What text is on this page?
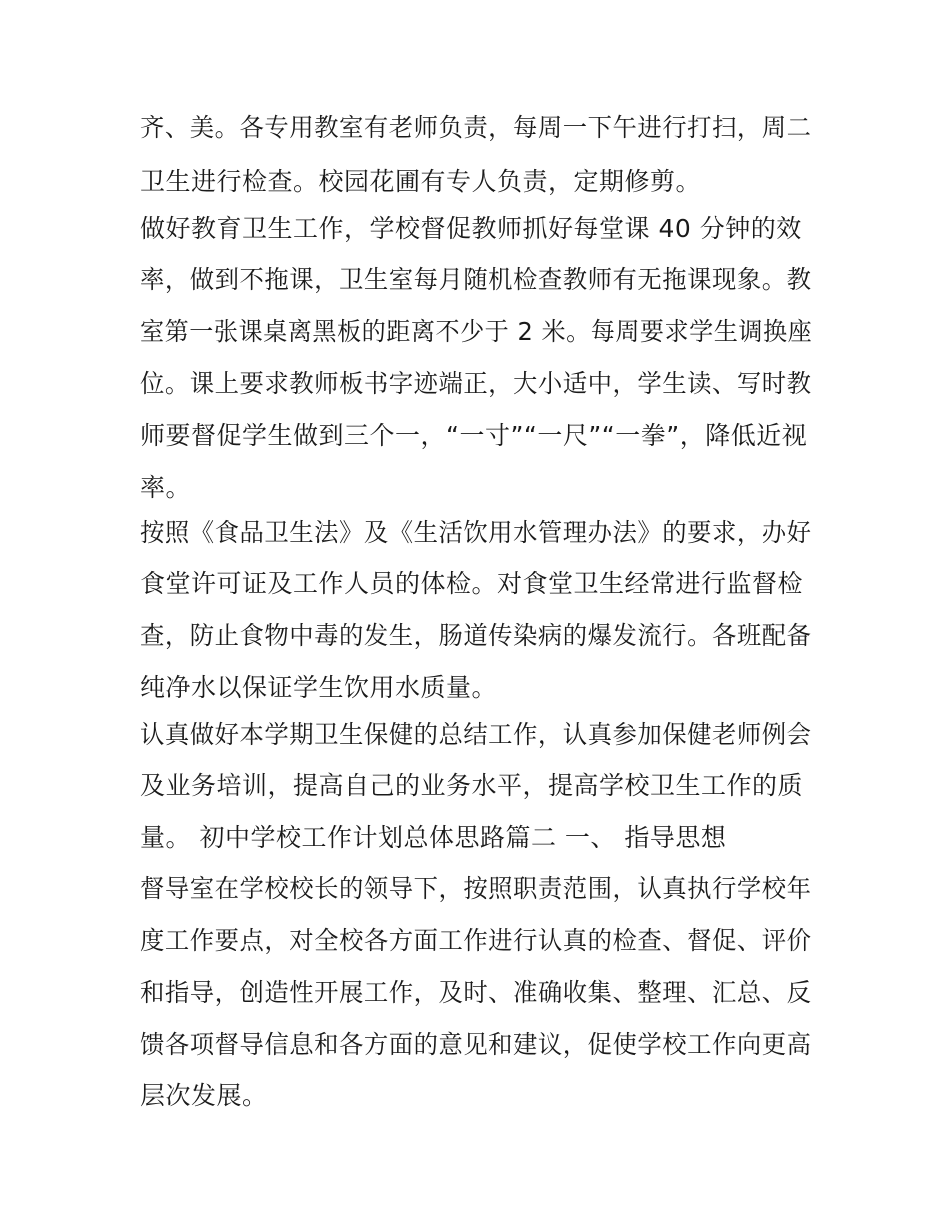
齐、美。各专用教室有老师负责，每周一下午进行打扫，周二
卫生进行检查。校园花圃有专人负责，定期修剪。
做好教育卫生工作，学校督促教师抓好每堂课 40 分钟的效
率，做到不拖课，卫生室每月随机检查教师有无拖课现象。教
室第一张课桌离黑板的距离不少于 2 米。每周要求学生调换座
位。课上要求教师板书字迹端正，大小适中，学生读、写时教
师要督促学生做到三个一，“一寸”“一尺”“一拳”，降低近视
率。
按照《食品卫生法》及《生活饮用水管理办法》的要求，办好
食堂许可证及工作人员的体检。对食堂卫生经常进行监督检
查，防止食物中毒的发生，肠道传染病的爆发流行。各班配备
纯净水以保证学生饮用水质量。
认真做好本学期卫生保健的总结工作，认真参加保健老师例会
及业务培训，提高自己的业务水平，提高学校卫生工作的质
量。 初中学校工作计划总体思路篇二 一、 指导思想
督导室在学校校长的领导下，按照职责范围，认真执行学校年
度工作要点，对全校各方面工作进行认真的检查、督促、评价
和指导，创造性开展工作，及时、准确收集、整理、汇总、反
馈各项督导信息和各方面的意见和建议，促使学校工作向更高
层次发展。
